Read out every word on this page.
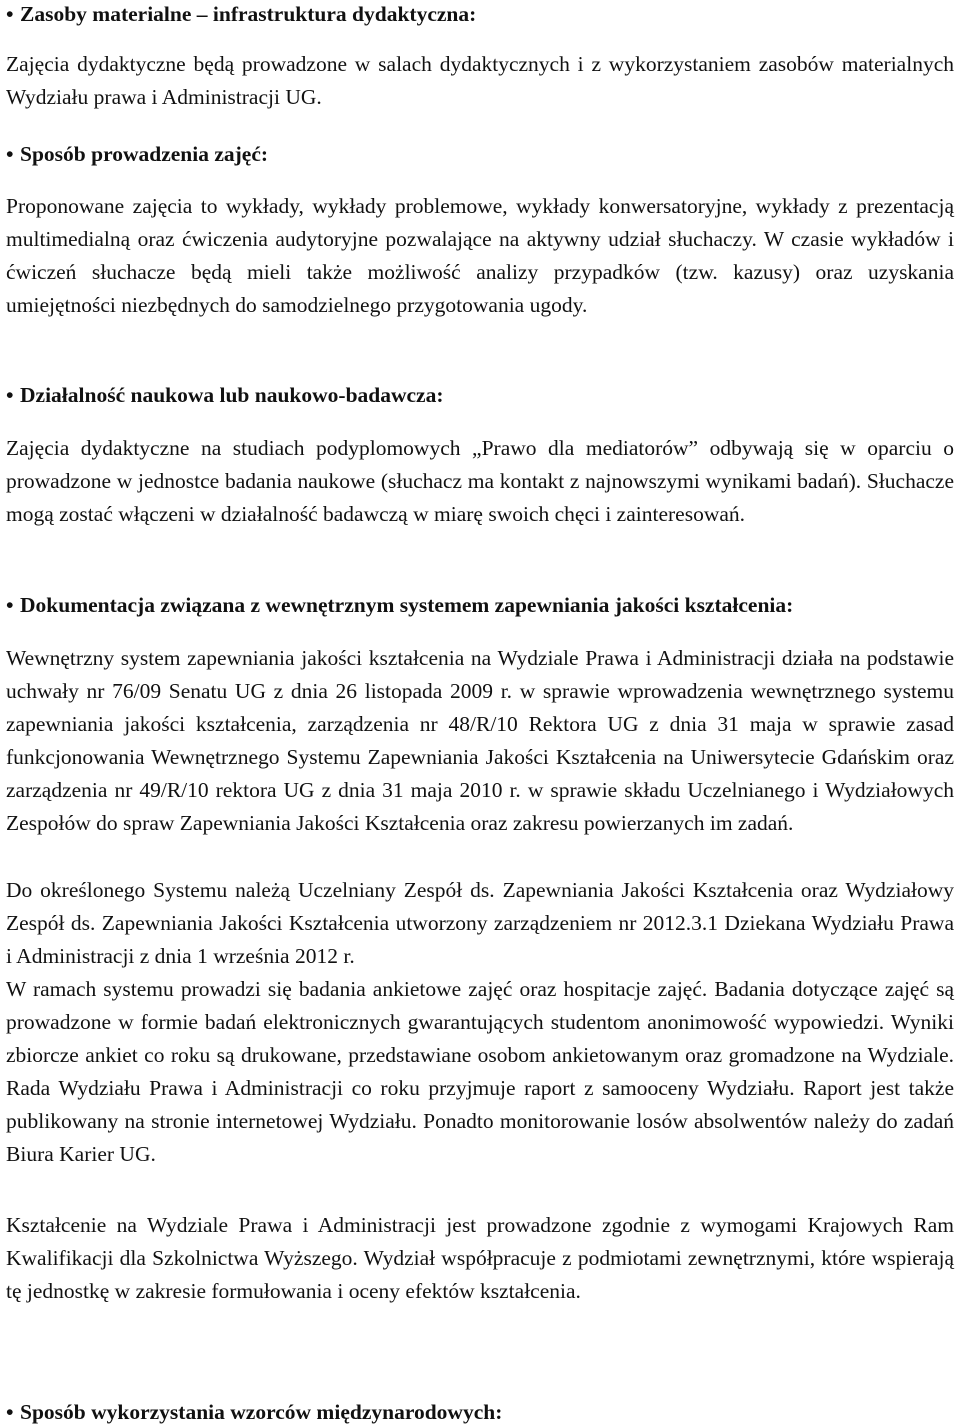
• Zasoby materialne – infrastruktura dydaktyczna:

Zajęcia dydaktyczne będą prowadzone w salach dydaktycznych i z wykorzystaniem zasobów materialnych Wydziału prawa i Administracji UG.

• Sposób prowadzenia zajęć:

Proponowane zajęcia to wykłady, wykłady problemowe, wykłady konwersatoryjne, wykłady z prezentacją multimedialną oraz ćwiczenia audytoryjne pozwalające na aktywny udział słuchaczy. W czasie wykładów i ćwiczeń słuchacze będą mieli także możliwość analizy przypadków (tzw. kazusy) oraz uzyskania umiejętności niezbędnych do samodzielnego przygotowania ugody.

• Działalność naukowa lub naukowo-badawcza:

Zajęcia dydaktyczne na studiach podyplomowych „Prawo dla mediatorów” odbywają się w oparciu o prowadzone w jednostce badania naukowe (słuchacz ma kontakt z najnowszymi wynikami badań). Słuchacze mogą zostać włączeni w działalność badawczą w miarę swoich chęci i zainteresowań.

• Dokumentacja związana z wewnętrznym systemem zapewniania jakości kształcenia:

Wewnętrzny system zapewniania jakości kształcenia na Wydziale Prawa i Administracji działa na podstawie uchwały nr 76/09 Senatu UG z dnia 26 listopada 2009 r. w sprawie wprowadzenia wewnętrznego systemu zapewniania jakości kształcenia, zarządzenia nr 48/R/10 Rektora UG z dnia 31 maja w sprawie zasad funkcjonowania Wewnętrznego Systemu Zapewniania Jakości Kształcenia na Uniwersytecie Gdańskim oraz zarządzenia nr 49/R/10 rektora UG z dnia 31 maja 2010 r. w sprawie składu Uczelnianego i Wydziałowych Zespołów do spraw Zapewniania Jakości Kształcenia oraz zakresu powierzanych im zadań.

Do określonego Systemu należą Uczelniany Zespół ds. Zapewniania Jakości Kształcenia oraz Wydziałowy Zespół ds. Zapewniania Jakości Kształcenia utworzony zarządzeniem nr 2012.3.1 Dziekana Wydziału Prawa i Administracji z dnia 1 września 2012 r.

W ramach systemu prowadzi się badania ankietowe zajęć oraz hospitacje zajęć. Badania dotyczące zajęć są prowadzone w formie badań elektronicznych gwarantujących studentom anonimowość wypowiedzi. Wyniki zbiorcze ankiet co roku są drukowane, przedstawiane osobom ankietowanym oraz gromadzone na Wydziale. Rada Wydziału Prawa i Administracji co roku przyjmuje raport z samooceny Wydziału. Raport jest także publikowany na stronie internetowej Wydziału. Ponadto monitorowanie losów absolwentów należy do zadań Biura Karier UG.

Kształcenie na Wydziale Prawa i Administracji jest prowadzone zgodnie z wymogami Krajowych Ram Kwalifikacji dla Szkolnictwa Wyższego. Wydział współpracuje z podmiotami zewnętrznymi, które wspierają tę jednostkę w zakresie formułowania i oceny efektów kształcenia.

• Sposób wykorzystania wzorców międzynarodowych:
